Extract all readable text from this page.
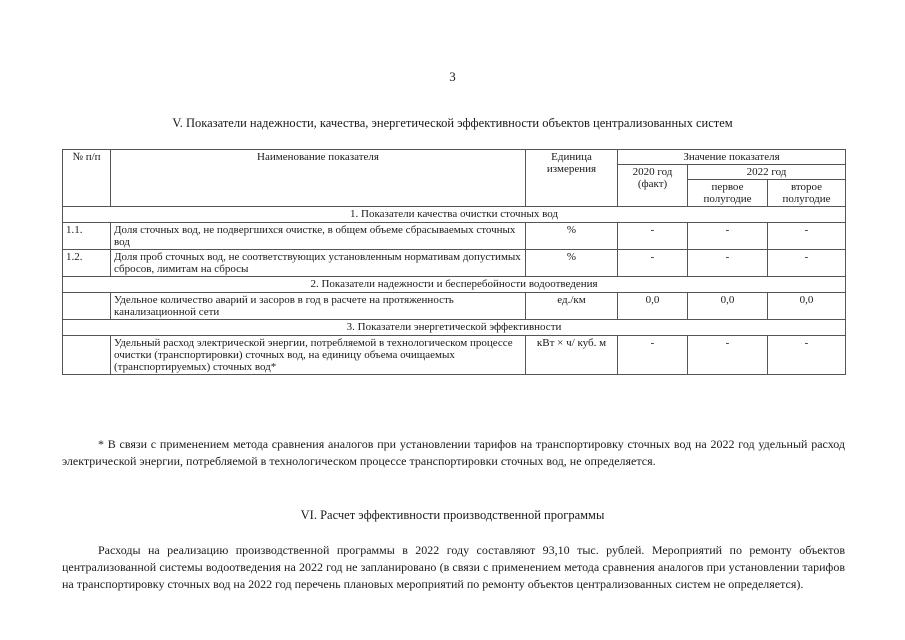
3
V. Показатели надежности, качества, энергетической эффективности объектов централизованных систем
№ п/п	Наименование показателя	Единица измерения	Значение показателя		
			2020 год (факт)	2022 год	
				первое полугодие	второе полугодие
1. Показатели качества очистки сточных вод					
1.1.	Доля сточных вод, не подвергшихся очистке, в общем объеме сбрасываемых сточных вод	%	-	-	-
1.2.	Доля проб сточных вод, не соответствующих установленным нормативам допустимых сбросов, лимитам на сбросы	%	-	-	-
2. Показатели надежности и бесперебойности водоотведения					
	Удельное количество аварий и засоров в год в расчете на протяженность канализационной сети	ед./км	0,0	0,0	0,0
3. Показатели энергетической эффективности					
	Удельный расход электрической энергии, потребляемой в технологическом процессе очистки (транспортировки) сточных вод, на единицу объема очищаемых (транспортируемых) сточных вод*	кВт × ч/ куб. м	-	-	-
* В связи с применением метода сравнения аналогов при установлении тарифов на транспортировку сточных вод на 2022 год удельный расход электрической энергии, потребляемой в технологическом процессе транспортировки сточных вод, не определяется.
VI. Расчет эффективности производственной программы
Расходы на реализацию производственной программы в 2022 году составляют 93,10 тыс. рублей. Мероприятий по ремонту объектов централизованной системы водоотведения на 2022 год не запланировано (в связи с применением метода сравнения аналогов при установлении тарифов на транспортировку сточных вод на 2022 год перечень плановых мероприятий по ремонту объектов централизованных систем не определяется).
